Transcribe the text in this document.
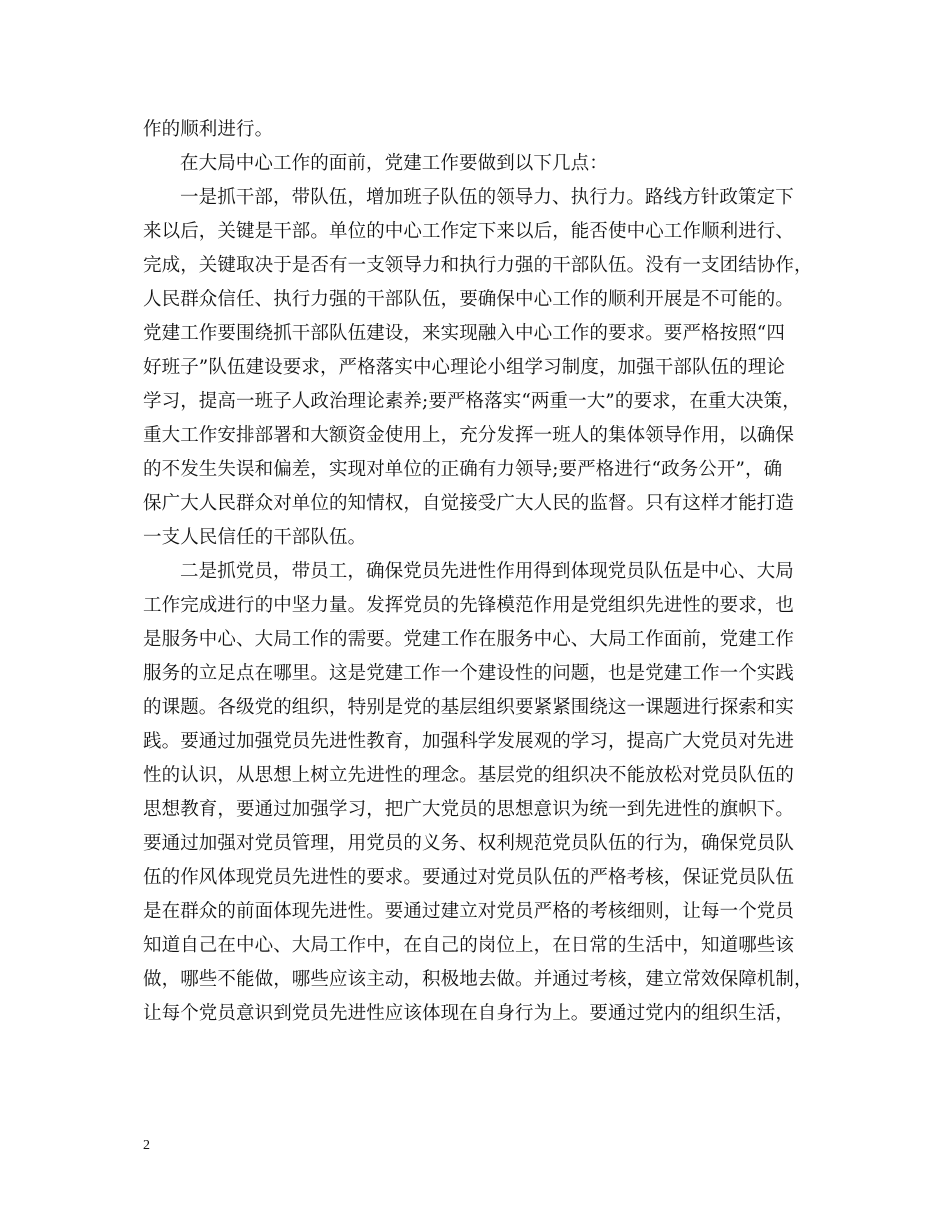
作的顺利进行。
在大局中心工作的面前，党建工作要做到以下几点：
一是抓干部，带队伍，增加班子队伍的领导力、执行力。路线方针政策定下
来以后，关键是干部。单位的中心工作定下来以后，能否使中心工作顺利进行、
完成，关键取决于是否有一支领导力和执行力强的干部队伍。没有一支团结协作，
人民群众信任、执行力强的干部队伍，要确保中心工作的顺利开展是不可能的。
党建工作要围绕抓干部队伍建设，来实现融入中心工作的要求。要严格按照“四
好班子”队伍建设要求，严格落实中心理论小组学习制度，加强干部队伍的理论
学习，提高一班子人政治理论素养;要严格落实“两重一大”的要求，在重大决策，
重大工作安排部署和大额资金使用上，充分发挥一班人的集体领导作用，以确保
的不发生失误和偏差，实现对单位的正确有力领导;要严格进行“政务公开”，确
保广大人民群众对单位的知情权，自觉接受广大人民的监督。只有这样才能打造
一支人民信任的干部队伍。
二是抓党员，带员工，确保党员先进性作用得到体现党员队伍是中心、大局
工作完成进行的中坚力量。发挥党员的先锋模范作用是党组织先进性的要求，也
是服务中心、大局工作的需要。党建工作在服务中心、大局工作面前，党建工作
服务的立足点在哪里。这是党建工作一个建设性的问题，也是党建工作一个实践
的课题。各级党的组织，特别是党的基层组织要紧紧围绕这一课题进行探索和实
践。要通过加强党员先进性教育，加强科学发展观的学习，提高广大党员对先进
性的认识，从思想上树立先进性的理念。基层党的组织决不能放松对党员队伍的
思想教育，要通过加强学习，把广大党员的思想意识为统一到先进性的旗帜下。
要通过加强对党员管理，用党员的义务、权利规范党员队伍的行为，确保党员队
伍的作风体现党员先进性的要求。要通过对党员队伍的严格考核，保证党员队伍
是在群众的前面体现先进性。要通过建立对党员严格的考核细则，让每一个党员
知道自己在中心、大局工作中，在自己的岗位上，在日常的生活中，知道哪些该
做，哪些不能做，哪些应该主动，积极地去做。并通过考核，建立常效保障机制，
让每个党员意识到党员先进性应该体现在自身行为上。要通过党内的组织生活，
2
